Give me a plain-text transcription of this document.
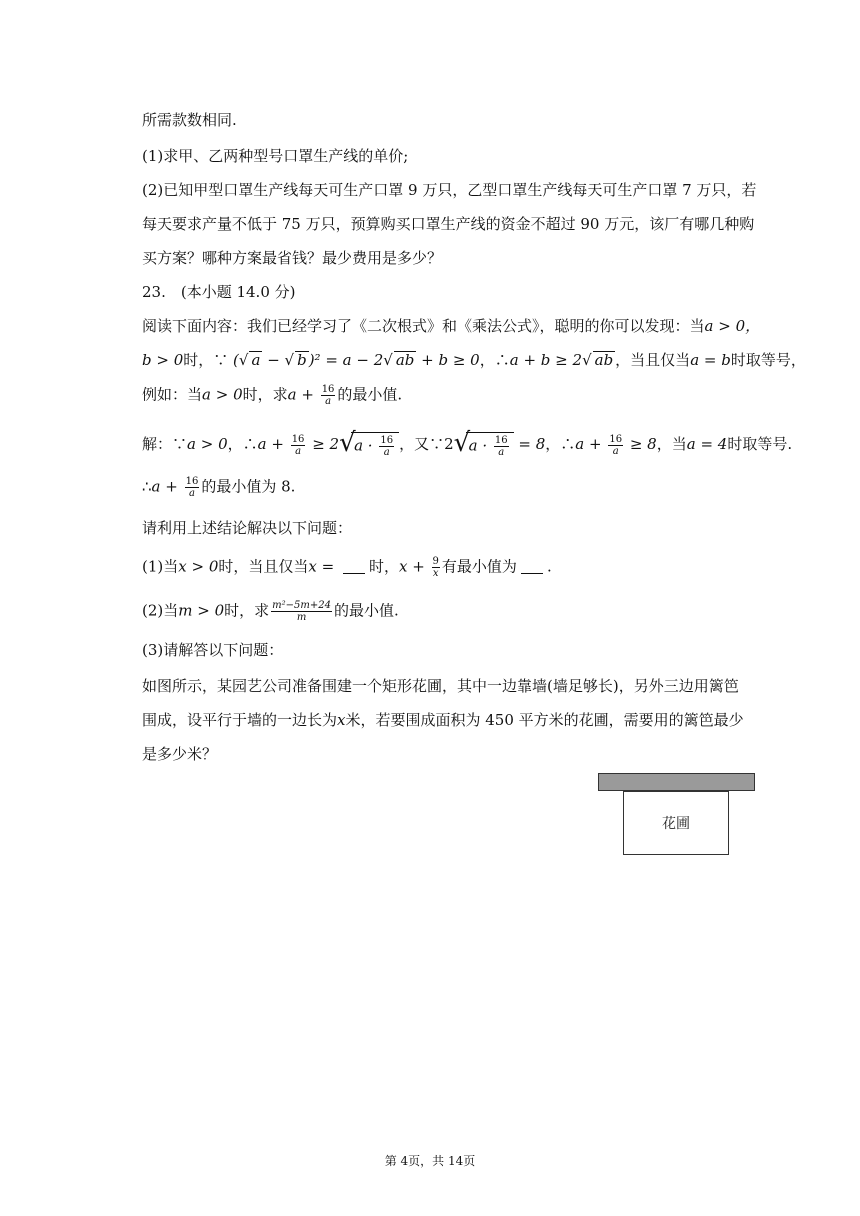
所需款数相同.
(1)求甲、乙两种型号口罩生产线的单价;
(2)已知甲型口罩生产线每天可生产口罩 9 万只，乙型口罩生产线每天可生产口罩 7 万只，若
每天要求产量不低于 75 万只，预算购买口罩生产线的资金不超过 90 万元，该厂有哪几种购
买方案？哪种方案最省钱？最少费用是多少？
23.　(本小题 14.0 分)
阅读下面内容：我们已经学习了《二次根式》和《乘法公式》，聪明的你可以发现：当a > 0，
b > 0时，∵ (√ a − √ b )² = a − 2√ ab + b ≥ 0，∴a + b ≥ 2√ ab ，当且仅当a = b时取等号，
例如：当a > 0时，求$a + \frac{16}{a}$ 的最小值.
解：∵a > 0，∴a + $\frac{16}{a} \ge 2$ √
$a \cdot \frac{16}{a}$ ，又∵2 √
$a \cdot \frac{16}{a} = 8$，∴a + $\frac{16}{a} \ge 8$，当a = 4时取等号.
∴a + $\frac{16}{a}$ 的最小值为 8.
请利用上述结论解决以下问题：
(1)当x > 0时，当且仅当x = 时，$x + \frac{9}{x}$ 有最小值为 .
(2)当m > 0时，求 $\frac{\text{m²−5m+24}}{m}$ 的最小值.
(3)请解答以下问题：
如图所示，某园艺公司准备围建一个矩形花圃，其中一边靠墙(墙足够长)，另外三边用篱笆
围成，设平行于墙的一边长为x米，若要围成面积为 450 平方米的花圃，需要用的篱笆最少
是多少米？
花圃
第 4页，共 14页
